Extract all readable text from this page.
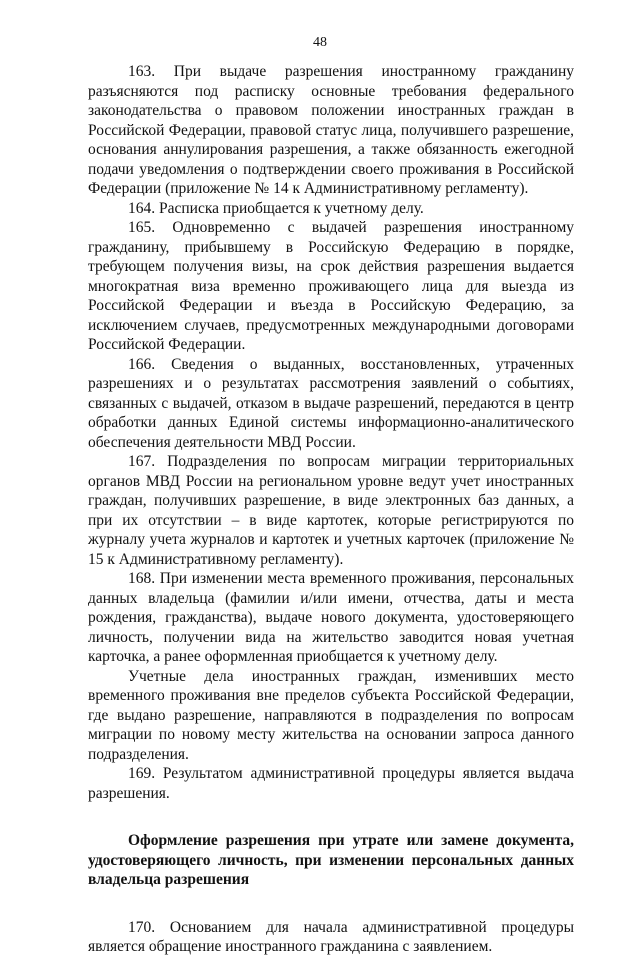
48

163. При выдаче разрешения иностранному гражданину разъясняются под расписку основные требования федерального законодательства о правовом положении иностранных граждан в Российской Федерации, правовой статус лица, получившего разрешение, основания аннулирования разрешения, а также обязанность ежегодной подачи уведомления о подтверждении своего проживания в Российской Федерации (приложение № 14 к Административному регламенту).

164. Расписка приобщается к учетному делу.

165. Одновременно с выдачей разрешения иностранному гражданину, прибывшему в Российскую Федерацию в порядке, требующем получения визы, на срок действия разрешения выдается многократная виза временно проживающего лица для выезда из Российской Федерации и въезда в Российскую Федерацию, за исключением случаев, предусмотренных международными договорами Российской Федерации.

166. Сведения о выданных, восстановленных, утраченных разрешениях и о результатах рассмотрения заявлений о событиях, связанных с выдачей, отказом в выдаче разрешений, передаются в центр обработки данных Единой системы информационно-аналитического обеспечения деятельности МВД России.

167. Подразделения по вопросам миграции территориальных органов МВД России на региональном уровне ведут учет иностранных граждан, получивших разрешение, в виде электронных баз данных, а при их отсутствии – в виде картотек, которые регистрируются по журналу учета журналов и картотек и учетных карточек (приложение № 15 к Административному регламенту).

168. При изменении места временного проживания, персональных данных владельца (фамилии и/или имени, отчества, даты и места рождения, гражданства), выдаче нового документа, удостоверяющего личность, получении вида на жительство заводится новая учетная карточка, а ранее оформленная приобщается к учетному делу.

Учетные дела иностранных граждан, изменивших место временного проживания вне пределов субъекта Российской Федерации, где выдано разрешение, направляются в подразделения по вопросам миграции по новому месту жительства на основании запроса данного подразделения.

169. Результатом административной процедуры является выдача разрешения.

Оформление разрешения при утрате или замене документа, удостоверяющего личность, при изменении персональных данных владельца разрешения

170. Основанием для начала административной процедуры является обращение иностранного гражданина с заявлением.
